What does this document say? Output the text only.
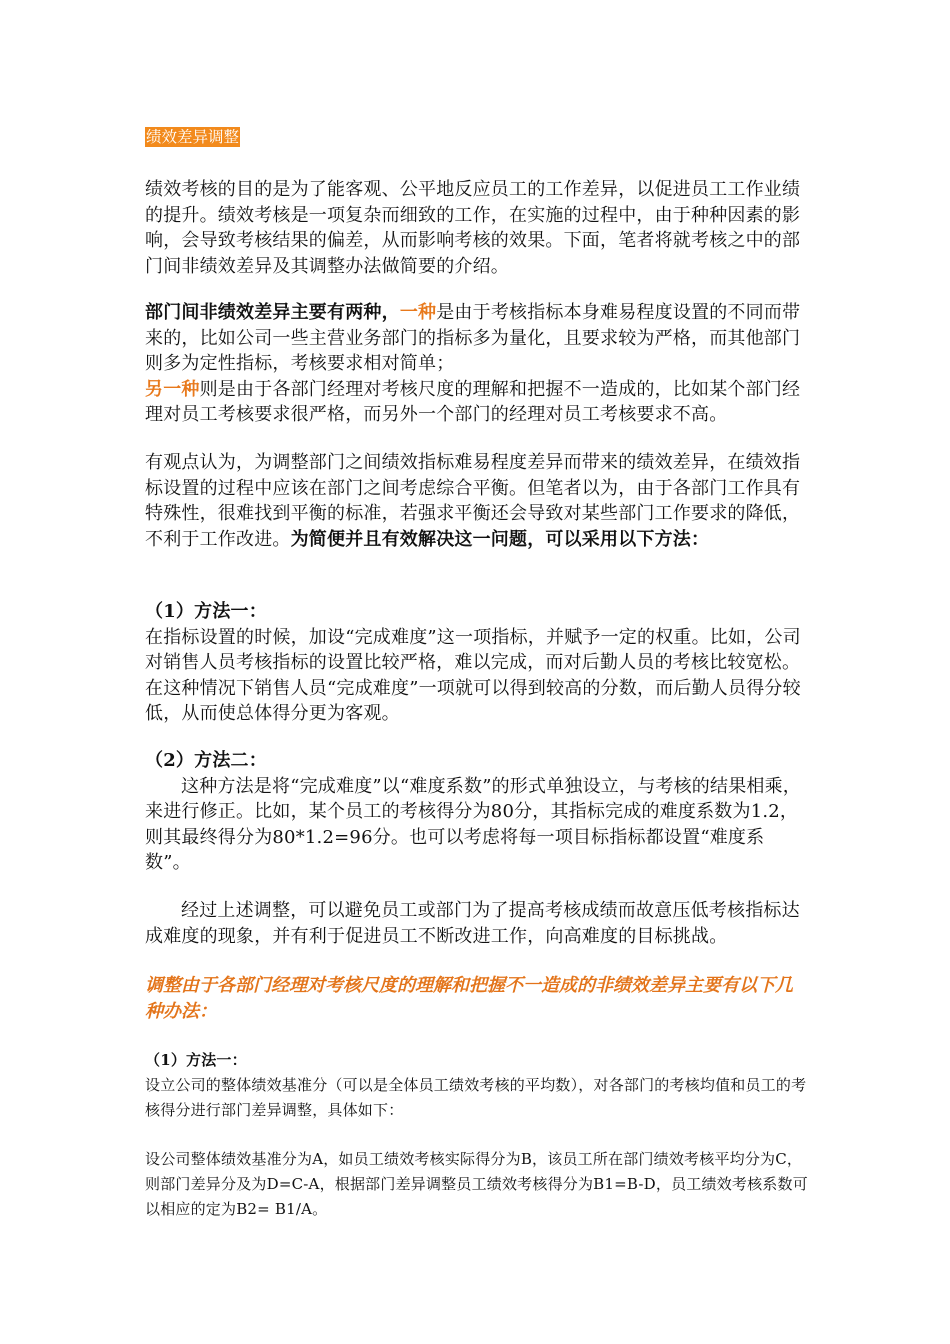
绩效差异调整

绩效考核的目的是为了能客观、公平地反应员工的工作差异，以促进员工工作业绩的提升。绩效考核是一项复杂而细致的工作，在实施的过程中，由于种种因素的影响，会导致考核结果的偏差，从而影响考核的效果。下面，笔者将就考核之中的部门间非绩效差异及其调整办法做简要的介绍。

部门间非绩效差异主要有两种，一种是由于考核指标本身难易程度设置的不同而带来的，比如公司一些主营业务部门的指标多为量化，且要求较为严格，而其他部门则多为定性指标，考核要求相对简单；

另一种则是由于各部门经理对考核尺度的理解和把握不一造成的，比如某个部门经理对员工考核要求很严格，而另外一个部门的经理对员工考核要求不高。

有观点认为，为调整部门之间绩效指标难易程度差异而带来的绩效差异，在绩效指标设置的过程中应该在部门之间考虑综合平衡。但笔者以为，由于各部门工作具有特殊性，很难找到平衡的标准，若强求平衡还会导致对某些部门工作要求的降低，不利于工作改进。为简便并且有效解决这一问题，可以采用以下方法：

（1）方法一：

在指标设置的时候，加设“完成难度”这一项指标，并赋予一定的权重。比如，公司对销售人员考核指标的设置比较严格，难以完成，而对后勤人员的考核比较宽松。在这种情况下销售人员“完成难度”一项就可以得到较高的分数，而后勤人员得分较低，从而使总体得分更为客观。

（2）方法二：

这种方法是将“完成难度”以“难度系数”的形式单独设立，与考核的结果相乘，来进行修正。比如，某个员工的考核得分为80分，其指标完成的难度系数为1.2，则其最终得分为80*1.2=96分。也可以考虑将每一项目标指标都设置“难度系数”。

经过上述调整，可以避免员工或部门为了提高考核成绩而故意压低考核指标达成难度的现象，并有利于促进员工不断改进工作，向高难度的目标挑战。

调整由于各部门经理对考核尺度的理解和把握不一造成的非绩效差异主要有以下几种办法：

（1）方法一：

设立公司的整体绩效基准分（可以是全体员工绩效考核的平均数），对各部门的考核均值和员工的考核得分进行部门差异调整，具体如下：

设公司整体绩效基准分为A，如员工绩效考核实际得分为B，该员工所在部门绩效考核平均分为C，则部门差异分及为D=C-A，根据部门差异调整员工绩效考核得分为B1=B-D，员工绩效考核系数可以相应的定为B2= B1/A。
